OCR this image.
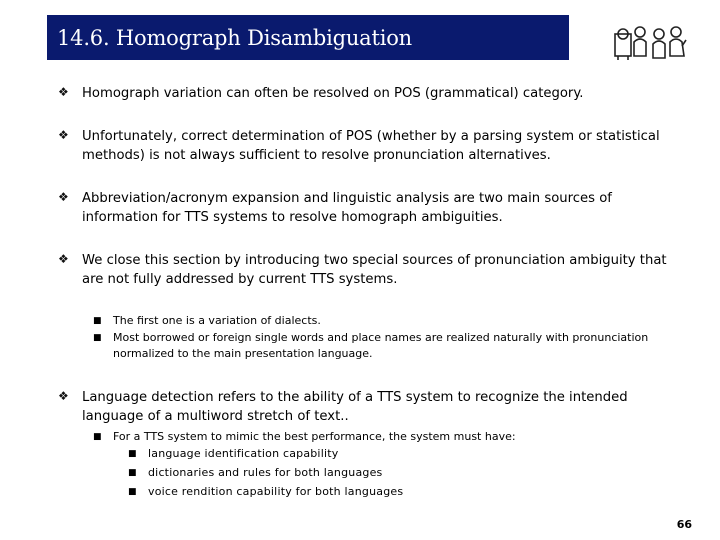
14.6. Homograph Disambiguation
❖	Homograph variation can often be resolved on POS (grammatical) category.
❖	Unfortunately, correct determination of POS (whether by a parsing system or statistical methods) is not always sufficient to resolve pronunciation alternatives.
❖	Abbreviation/acronym expansion and linguistic analysis are two main sources of information for TTS systems to resolve homograph ambiguities.
❖	We close this section by introducing two special sources of pronunciation ambiguity that are not fully addressed by current TTS systems.
■	The first one is a variation of dialects.
■	Most borrowed or foreign single words and place names are realized naturally with pronunciation normalized to the main presentation language.
❖	Language detection refers to the ability of a TTS system to recognize the intended language of a multiword stretch of text..
■	For a TTS system to mimic the best performance, the system must have:
■	language identification capability
■	dictionaries and rules for both languages
■	voice rendition capability for both languages
66
